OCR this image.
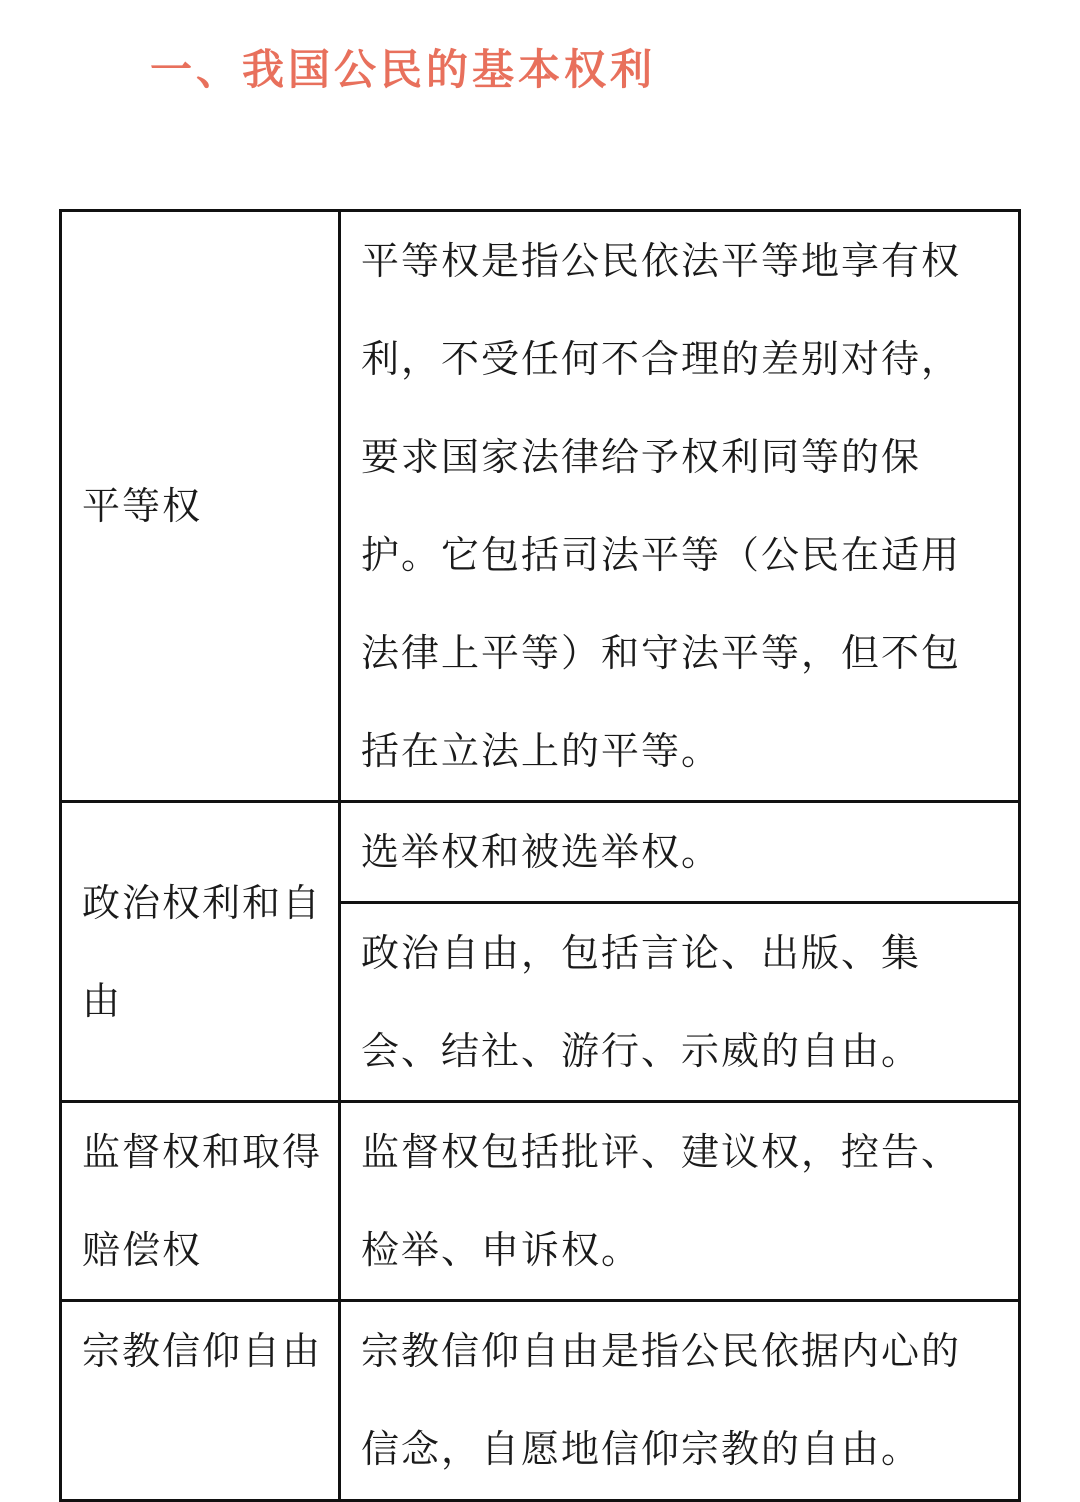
一、我国公民的基本权利
平等权	平等权是指公民依法平等地享有权利，不受任何不合理的差别对待，要求国家法律给予权利同等的保护。它包括司法平等（公民在适用法律上平等）和守法平等，但不包括在立法上的平等。
政治权利和自由	选举权和被选举权。
	政治自由，包括言论、出版、集会、结社、游行、示威的自由。
监督权和取得赔偿权	监督权包括批评、建议权，控告、检举、申诉权。
宗教信仰自由	宗教信仰自由是指公民依据内心的信念，自愿地信仰宗教的自由。
